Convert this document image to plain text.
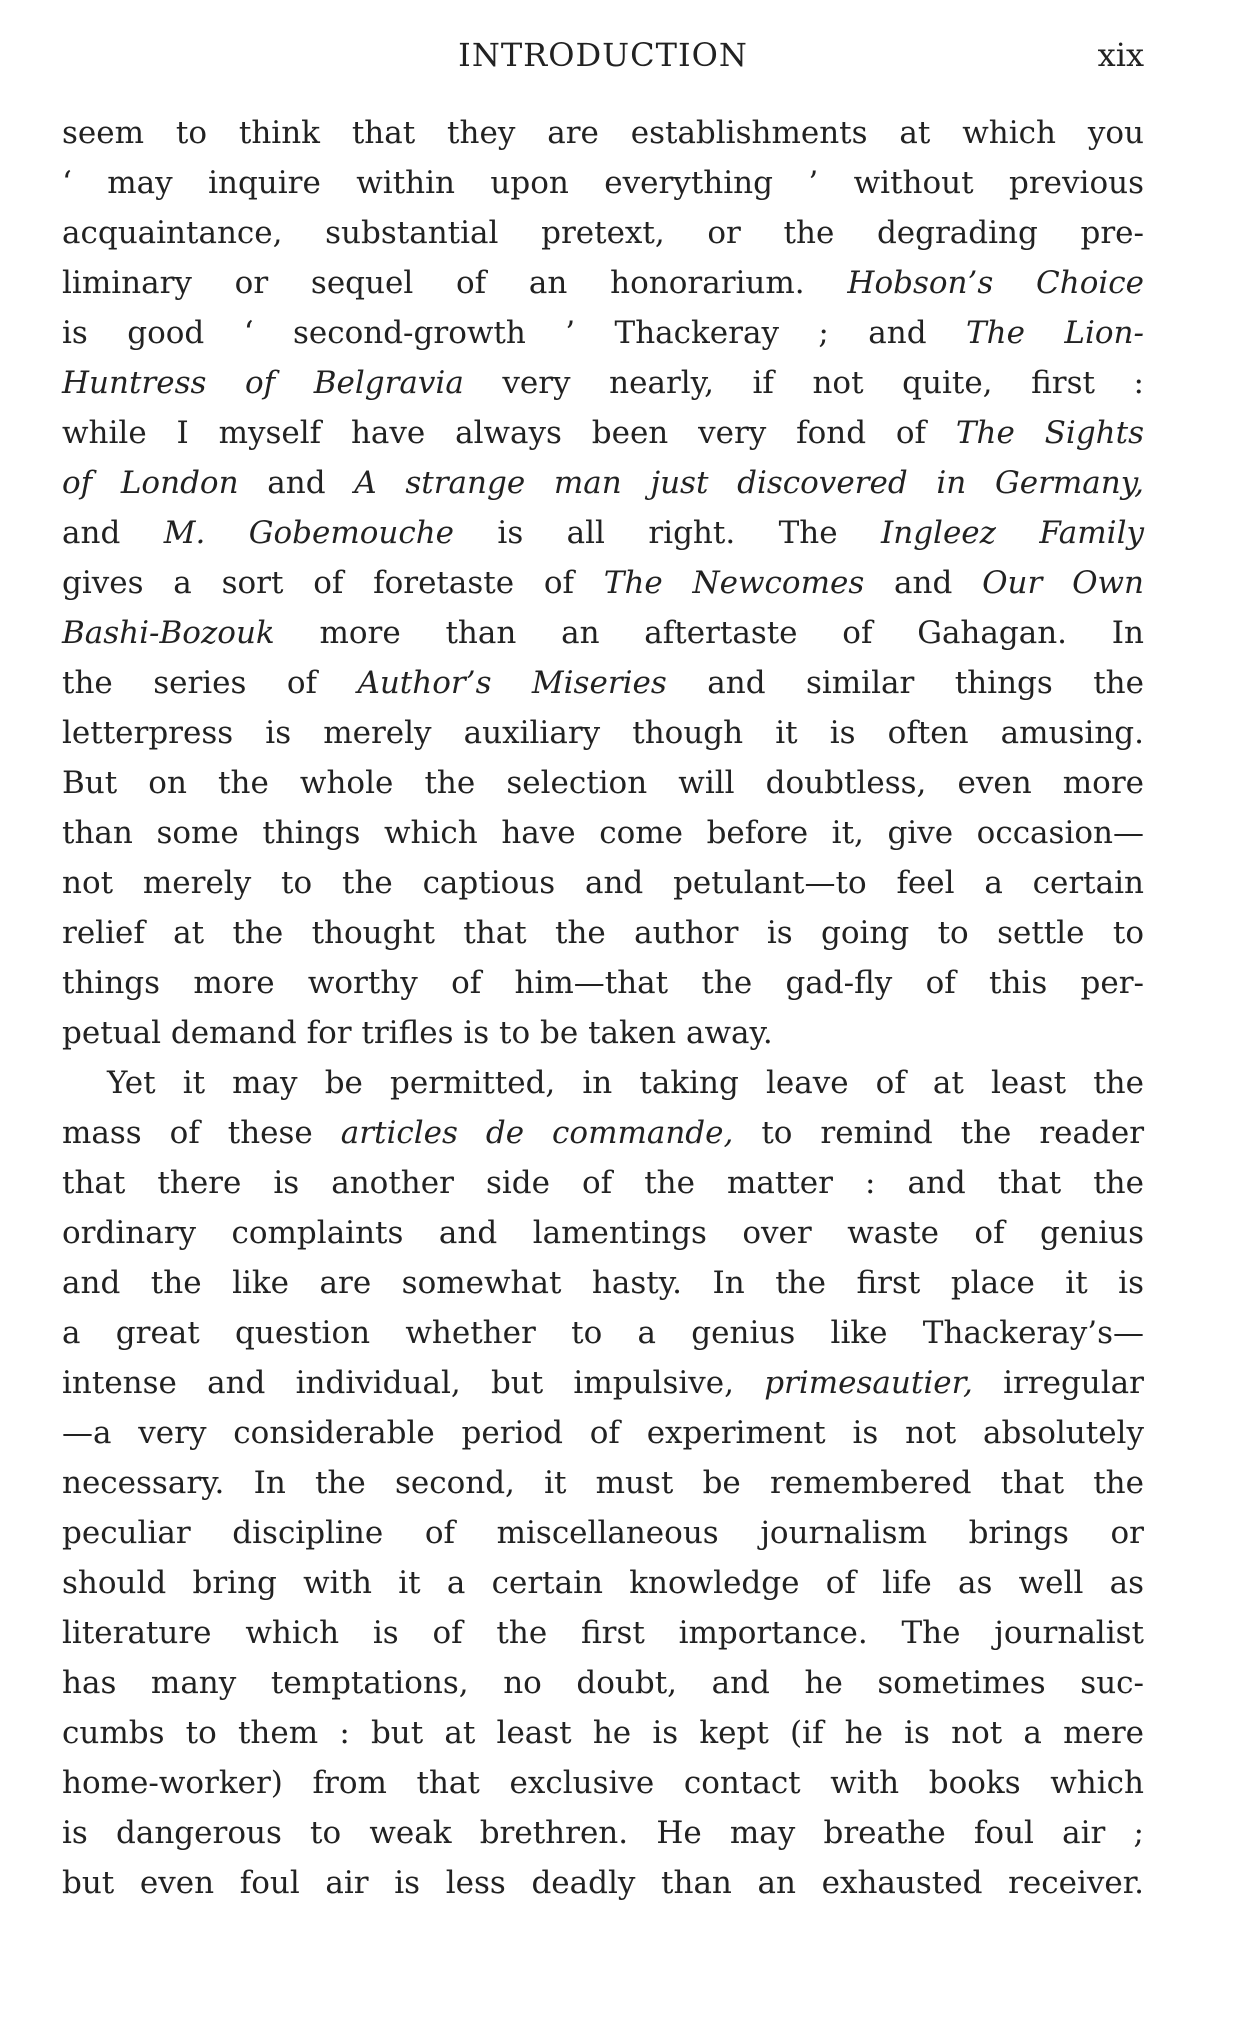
INTRODUCTION	xix
seem to think that they are establishments at which you
‘ may inquire within upon everything ’ without previous
acquaintance, substantial pretext, or the degrading pre-
liminary or sequel of an honorarium. Hobson’s Choice
is good ‘ second-growth ’ Thackeray ; and The Lion-
Huntress of Belgravia very nearly, if not quite, first :
while I myself have always been very fond of The Sights
of London and A strange man just discovered in Germany,
and M. Gobemouche is all right. The Ingleez Family
gives a sort of foretaste of The Newcomes and Our Own
Bashi-Bozouk more than an aftertaste of Gahagan. In
the series of Author’s Miseries and similar things the
letterpress is merely auxiliary though it is often amusing.
But on the whole the selection will doubtless, even more
than some things which have come before it, give occasion—
not merely to the captious and petulant—to feel a certain
relief at the thought that the author is going to settle to
things more worthy of him—that the gad-fly of this per-
petual demand for trifles is to be taken away.
Yet it may be permitted, in taking leave of at least the
mass of these articles de commande, to remind the reader
that there is another side of the matter : and that the
ordinary complaints and lamentings over waste of genius
and the like are somewhat hasty. In the first place it is
a great question whether to a genius like Thackeray’s—
intense and individual, but impulsive, primesautier, irregular
—a very considerable period of experiment is not absolutely
necessary. In the second, it must be remembered that the
peculiar discipline of miscellaneous journalism brings or
should bring with it a certain knowledge of life as well as
literature which is of the first importance. The journalist
has many temptations, no doubt, and he sometimes suc-
cumbs to them : but at least he is kept (if he is not a mere
home-worker) from that exclusive contact with books which
is dangerous to weak brethren. He may breathe foul air ;
but even foul air is less deadly than an exhausted receiver.
